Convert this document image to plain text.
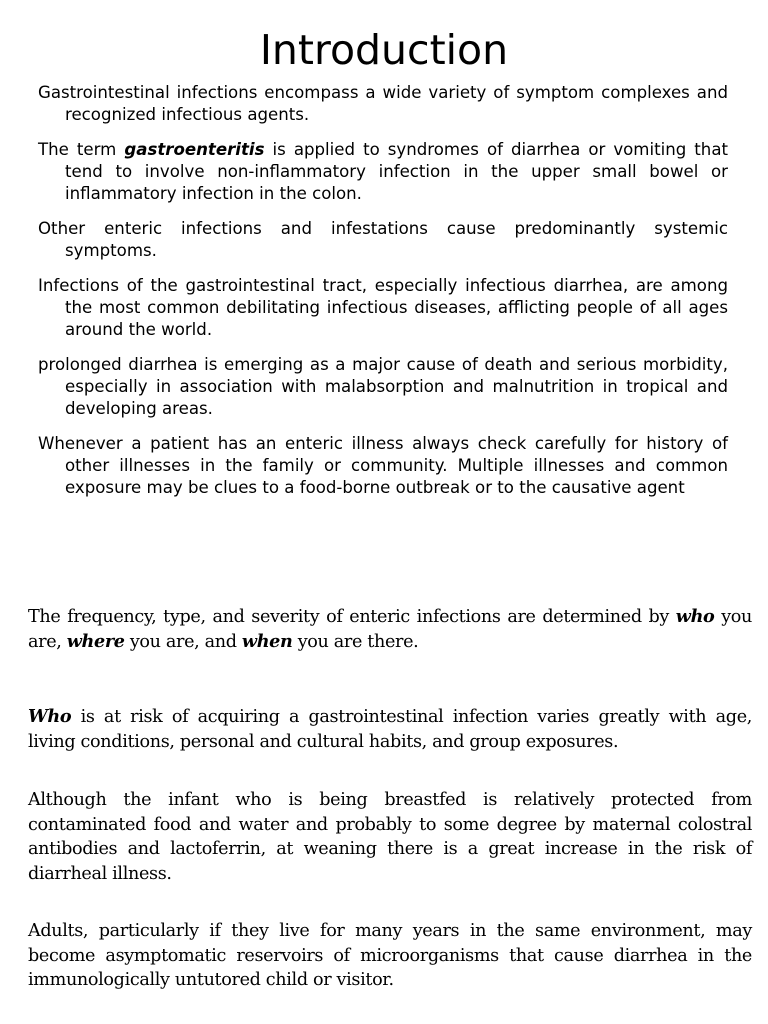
Introduction

Gastrointestinal infections encompass a wide variety of symptom complexes and recognized infectious agents.

The term gastroenteritis is applied to syndromes of diarrhea or vomiting that tend to involve non-inflammatory infection in the upper small bowel or inflammatory infection in the colon.

Other enteric infections and infestations cause predominantly systemic symptoms.

Infections of the gastrointestinal tract, especially infectious diarrhea, are among the most common debilitating infectious diseases, afflicting people of all ages around the world.

prolonged diarrhea is emerging as a major cause of death and serious morbidity, especially in association with malabsorption and malnutrition in tropical and developing areas.

Whenever a patient has an enteric illness always check carefully for history of other illnesses in the family or community. Multiple illnesses and common exposure may be clues to a food-borne outbreak or to the causative agent

The frequency, type, and severity of enteric infections are determined by who you are, where you are, and when you are there.

Who is at risk of acquiring a gastrointestinal infection varies greatly with age, living conditions, personal and cultural habits, and group exposures.

Although the infant who is being breastfed is relatively protected from contaminated food and water and probably to some degree by maternal colostral antibodies and lactoferrin, at weaning there is a great increase in the risk of diarrheal illness.

Adults, particularly if they live for many years in the same environment, may become asymptomatic reservoirs of microorganisms that cause diarrhea in the immunologically untutored child or visitor.
